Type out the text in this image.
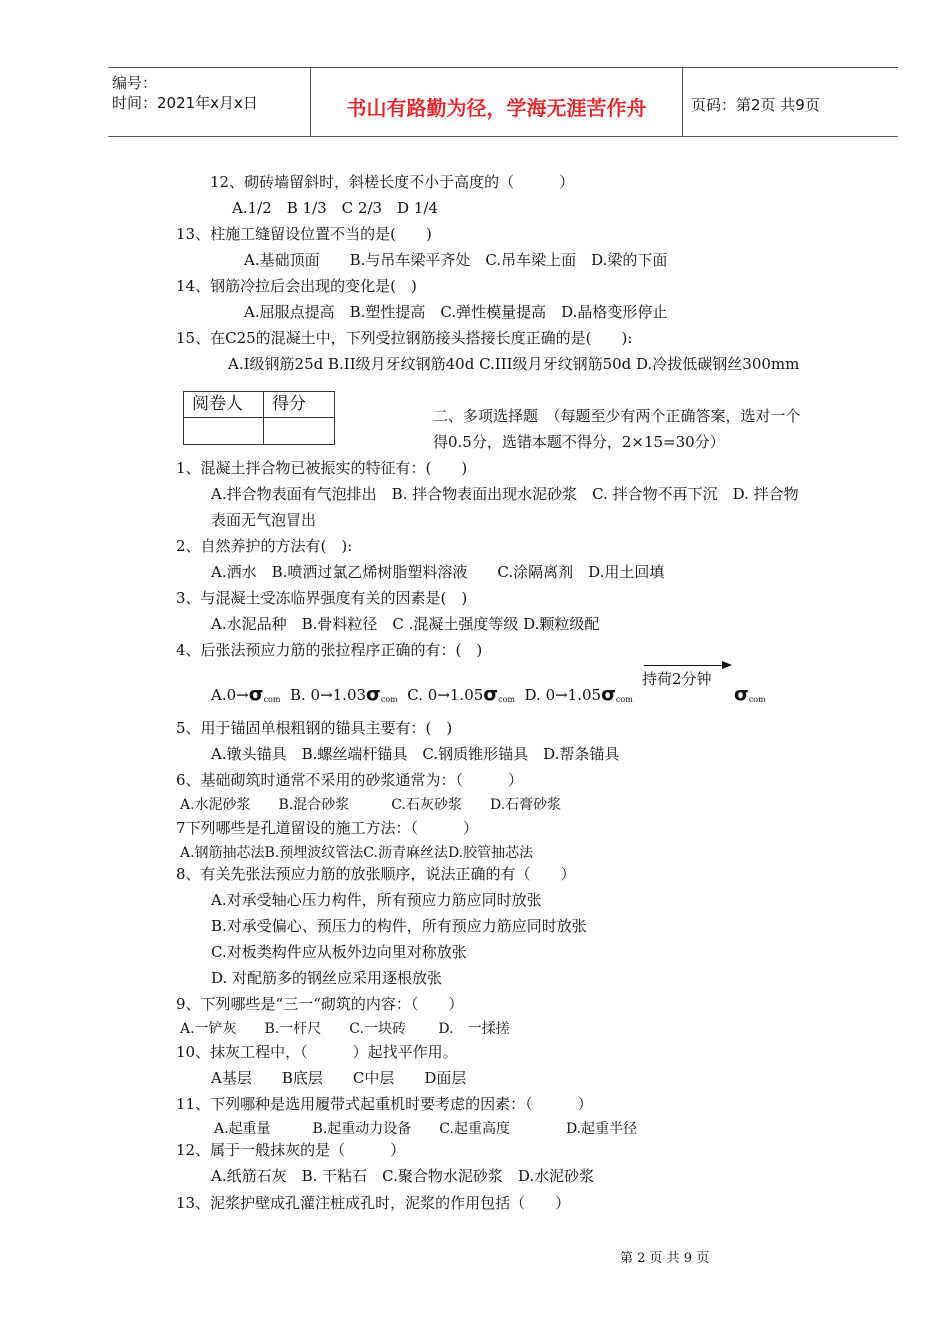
编号：
时间：2021年x月x日	书山有路勤为径，学海无涯苦作舟	页码：第2页 共9页
12、砌砖墙留斜时，斜槎长度不小于高度的（　　　）
A.1/2　B 1/3　C 2/3　D 1/4
13、柱施工缝留设位置不当的是(　　)
A.基础顶面　　B.与吊车梁平齐处　C.吊车梁上面　D.梁的下面
14、钢筋冷拉后会出现的变化是(　)
A.屈服点提高　B.塑性提高　C.弹性模量提高　D.晶格变形停止
15、在C25的混凝土中，下列受拉钢筋接头搭接长度正确的是(　　):
A.I级钢筋25d B.II级月牙纹钢筋40d C.III级月牙纹钢筋50d D.冷拔低碳钢丝300mm
阅卷人	得分
二、多项选择题　（每题至少有两个正确答案，选对一个
得0.5分，选错本题不得分，2×15=30分）
1、混凝土拌合物已被振实的特征有：(　　)
A.拌合物表面有气泡排出　B. 拌合物表面出现水泥砂浆　C. 拌合物不再下沉　D. 拌合物
表面无气泡冒出
2、自然养护的方法有(　):
A.洒水　B.喷洒过氯乙烯树脂塑料溶液　　C.涂隔离剂　D.用土回填
3、与混凝土受冻临界强度有关的因素是(　)
A.水泥品种　B.骨料粒径　C .混凝土强度等级 D.颗粒级配
4、后张法预应力筋的张拉程序正确的有：(　)
$A.0\to\sigma_{com}$ B. $0\to 1.03\sigma_{com}$ C. $0\to 1.05\sigma_{com}$ D. $0\to 1.05\sigma_{com}$
持荷2分钟
$\sigma_{com}$
5、用于锚固单根粗钢的锚具主要有：(　)
A.镦头锚具　B.螺丝端杆锚具　C.钢质锥形锚具　D.帮条锚具
6、基础砌筑时通常不采用的砂浆通常为：（　　　）
A.水泥砂浆　　B.混合砂浆　　　C.石灰砂浆　　D.石膏砂浆
7下列哪些是孔道留设的施工方法：（　　　）
A.钢筋抽芯法B.预埋波纹管法C.沥青麻丝法D.胶管抽芯法
8、有关先张法预应力筋的放张顺序，说法正确的有（　　）
A.对承受轴心压力构件，所有预应力筋应同时放张
B.对承受偏心、预压力的构件，所有预应力筋应同时放张
C.对板类构件应从板外边向里对称放张
D. 对配筋多的钢丝应采用逐根放张
9、下列哪些是“三一“砌筑的内容：（　　）
A.一铲灰　　B.一杆尺　　C.一块砖　　 D.　一揉搓
10、抹灰工程中，（　　　）起找平作用。
A基层　　B底层　　C中层　　D面层
11、下列哪种是选用履带式起重机时要考虑的因素：（　　　）
A.起重量　　　B.起重动力设备　　C.起重高度　　　　D.起重半径
12、属于一般抹灰的是（　　　）
A.纸筋石灰　B. 干粘石　C.聚合物水泥砂浆　D.水泥砂浆
13、泥浆护壁成孔灌注桩成孔时，泥浆的作用包括（　　）
第 2 页 共 9 页
